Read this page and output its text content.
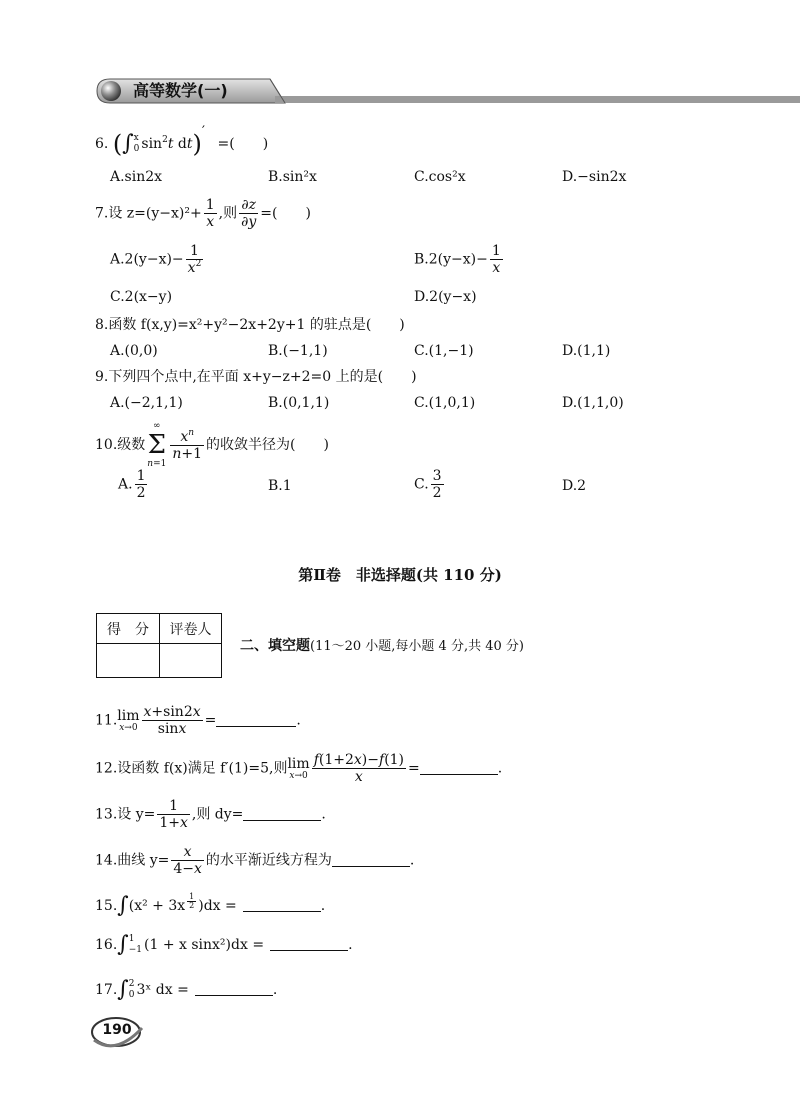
高等数学(一)
6. (∫ x
0 $\sin^2t$ dt)′ =(　　)
A.sin2x	B.sin²x	C.cos²x	D.−sin2x
7.设 $z=(y-x)^2+ \frac{1}{x}$ ,则 $\frac{\partial z}{\partial y}$ =(　　)
$A.2(y-x)- \frac{1}{x^2}$	$B.2(y-x)- \frac{1}{x}$
C.2(x−y)	D.2(y−x)
8.函数 f(x,y)=x²+y²−2x+2y+1 的驻点是(　　)
A.(0,0)	B.(−1,1)	C.(1,−1)	D.(1,1)
9.下列四个点中,在平面 x+y−z+2=0 上的是(　　)
A.(−2,1,1)	B.(0,1,1)	C.(1,0,1)	D.(1,1,0)
10.级数
∞
Σ
n=1
$\frac{x^n}{n+1}$ 的收敛半径为(　　)
A. $\frac{1}{2}$	B.1	C. $\frac{3}{2}$	D.2
第Ⅱ卷　非选择题(共 110 分)
得　分	评卷人

二、填空题(11～20 小题,每小题 4 分,共 40 分)
11.lim
$x\to 0 \frac{x+\sin 2x}{\sin x}$ =	.
12.设函数 f(x)满足 f′(1)=5,则lim
$x\to 0 \frac{f(1+2x)-f(1)}{x}$ =	.
13.设 $y= \frac{1}{1+x}$ ,则 dy=	.
14.曲线 $y= \frac{x}{4-x}$ 的水平渐近线方程为	.
15.∫(x² + 3x $^{\frac{1}{2}}$ )dx =	.
16.∫ 1
−1 (1 + x sinx²)dx =	.
17.∫ 2
0 3ˣ dx =	.
190
